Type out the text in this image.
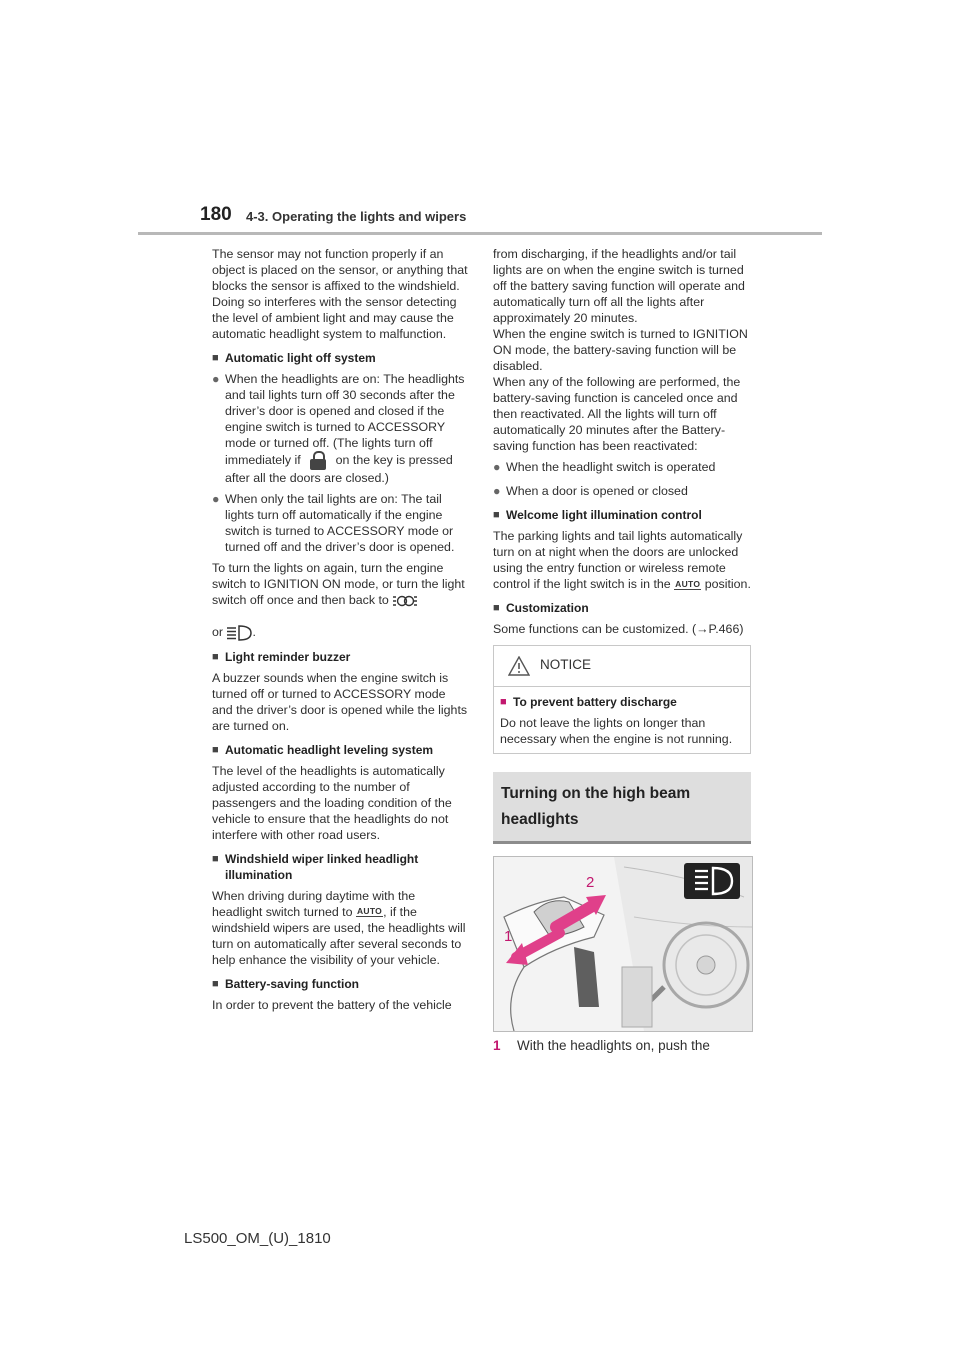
180 4-3. Operating the lights and wipers

The sensor may not function properly if an object is placed on the sensor, or anything that blocks the sensor is affixed to the windshield.

Doing so interferes with the sensor detecting the level of ambient light and may cause the automatic headlight system to malfunction.

■ Automatic light off system
● When the headlights are on: The headlights and tail lights turn off 30 seconds after the driver’s door is opened and closed if the engine switch is turned to ACCESSORY mode or turned off. (The lights turn off immediately if	on the key is pressed after all the doors are closed.)
● When only the tail lights are on: The tail lights turn off automatically if the engine switch is turned to ACCESSORY mode or turned off and the driver’s door is opened.

To turn the lights on again, turn the engine switch to IGNITION ON mode, or turn the light switch off once and then back to

or .

■ Light reminder buzzer

A buzzer sounds when the engine switch is turned off or turned to ACCESSORY mode and the driver’s door is opened while the lights are turned on.

■ Automatic headlight leveling system

The level of the headlights is automatically adjusted according to the number of passengers and the loading condition of the vehicle to ensure that the headlights do not interfere with other road users.

■ Windshield wiper linked headlight illumination

When driving during daytime with the headlight switch turned to AUTO, if the windshield wipers are used, the headlights will turn on automatically after several seconds to help enhance the visibility of your vehicle.

■ Battery-saving function

In order to prevent the battery of the vehicle

from discharging, if the headlights and/or tail lights are on when the engine switch is turned off the battery saving function will operate and automatically turn off all the lights after approximately 20 minutes.

When the engine switch is turned to IGNITION ON mode, the battery-saving function will be disabled.

When any of the following are performed, the battery-saving function is canceled once and then reactivated. All the lights will turn off automatically 20 minutes after the Battery- saving function has been reactivated:

● When the headlight switch is operated
● When a door is opened or closed
■ Welcome light illumination control

The parking lights and tail lights automatically turn on at night when the doors are unlocked using the entry function or wireless remote control if the light switch is in the AUTO position.

■ Customization

Some functions can be customized. (→P.466)

NOTICE
■ To prevent battery discharge

Do not leave the lights on longer than necessary when the engine is not running.

Turning on the high beam headlights
1
2
1 With the headlights on, push the
LS500_OM_(U)_1810
